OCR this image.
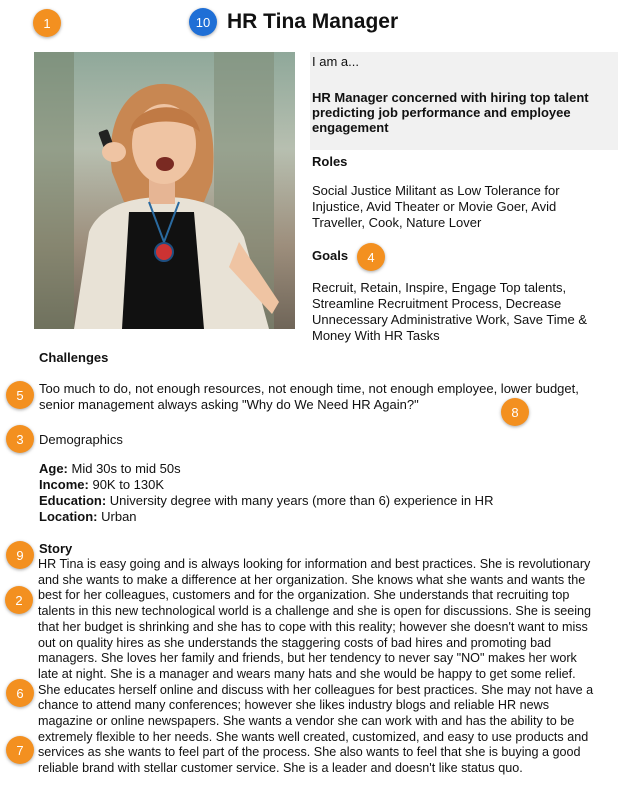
1	10
4
5
8
3
9
2
6
7
HR Tina Manager
I am a...
HR Manager concerned with hiring top talent predicting job performance and employee engagement
Roles
Social Justice Militant as Low Tolerance for Injustice, Avid Theater or Movie Goer, Avid Traveller, Cook, Nature Lover
Goals
Recruit, Retain, Inspire, Engage Top talents, Streamline Recruitment Process, Decrease Unnecessary Administrative Work, Save Time & Money With HR Tasks
Challenges
Too much to do, not enough resources, not enough time, not enough employee, lower budget, senior management always asking "Why do We Need HR Again?"
Demographics
Age: Mid 30s to mid 50s
Income: 90K to 130K
Education: University degree with many years (more than 6) experience in HR
Location: Urban
Story
HR Tina is easy going and is always looking for information and best practices. She is revolutionary and she wants to make a difference at her organization. She knows what she wants and wants the best for her colleagues, customers and for the organization. She understands that recruiting top talents in this new technological world is a challenge and she is open for discussions. She is seeing that her budget is shrinking and she has to cope with this reality; however she doesn't want to miss out on quality hires as she understands the staggering costs of bad hires and promoting bad managers. She loves her family and friends, but her tendency to never say "NO" makes her work late at night. She is a manager and wears many hats and she would be happy to get some relief. She educates herself online and discuss with her colleagues for best practices. She may not have a chance to attend many conferences; however she likes industry blogs and reliable HR news magazine or online newspapers. She wants a vendor she can work with and has the ability to be extremely flexible to her needs. She wants well created, customized, and easy to use products and services as she wants to feel part of the process. She also wants to feel that she is buying a good reliable brand with stellar customer service. She is a leader and doesn't like status quo.
